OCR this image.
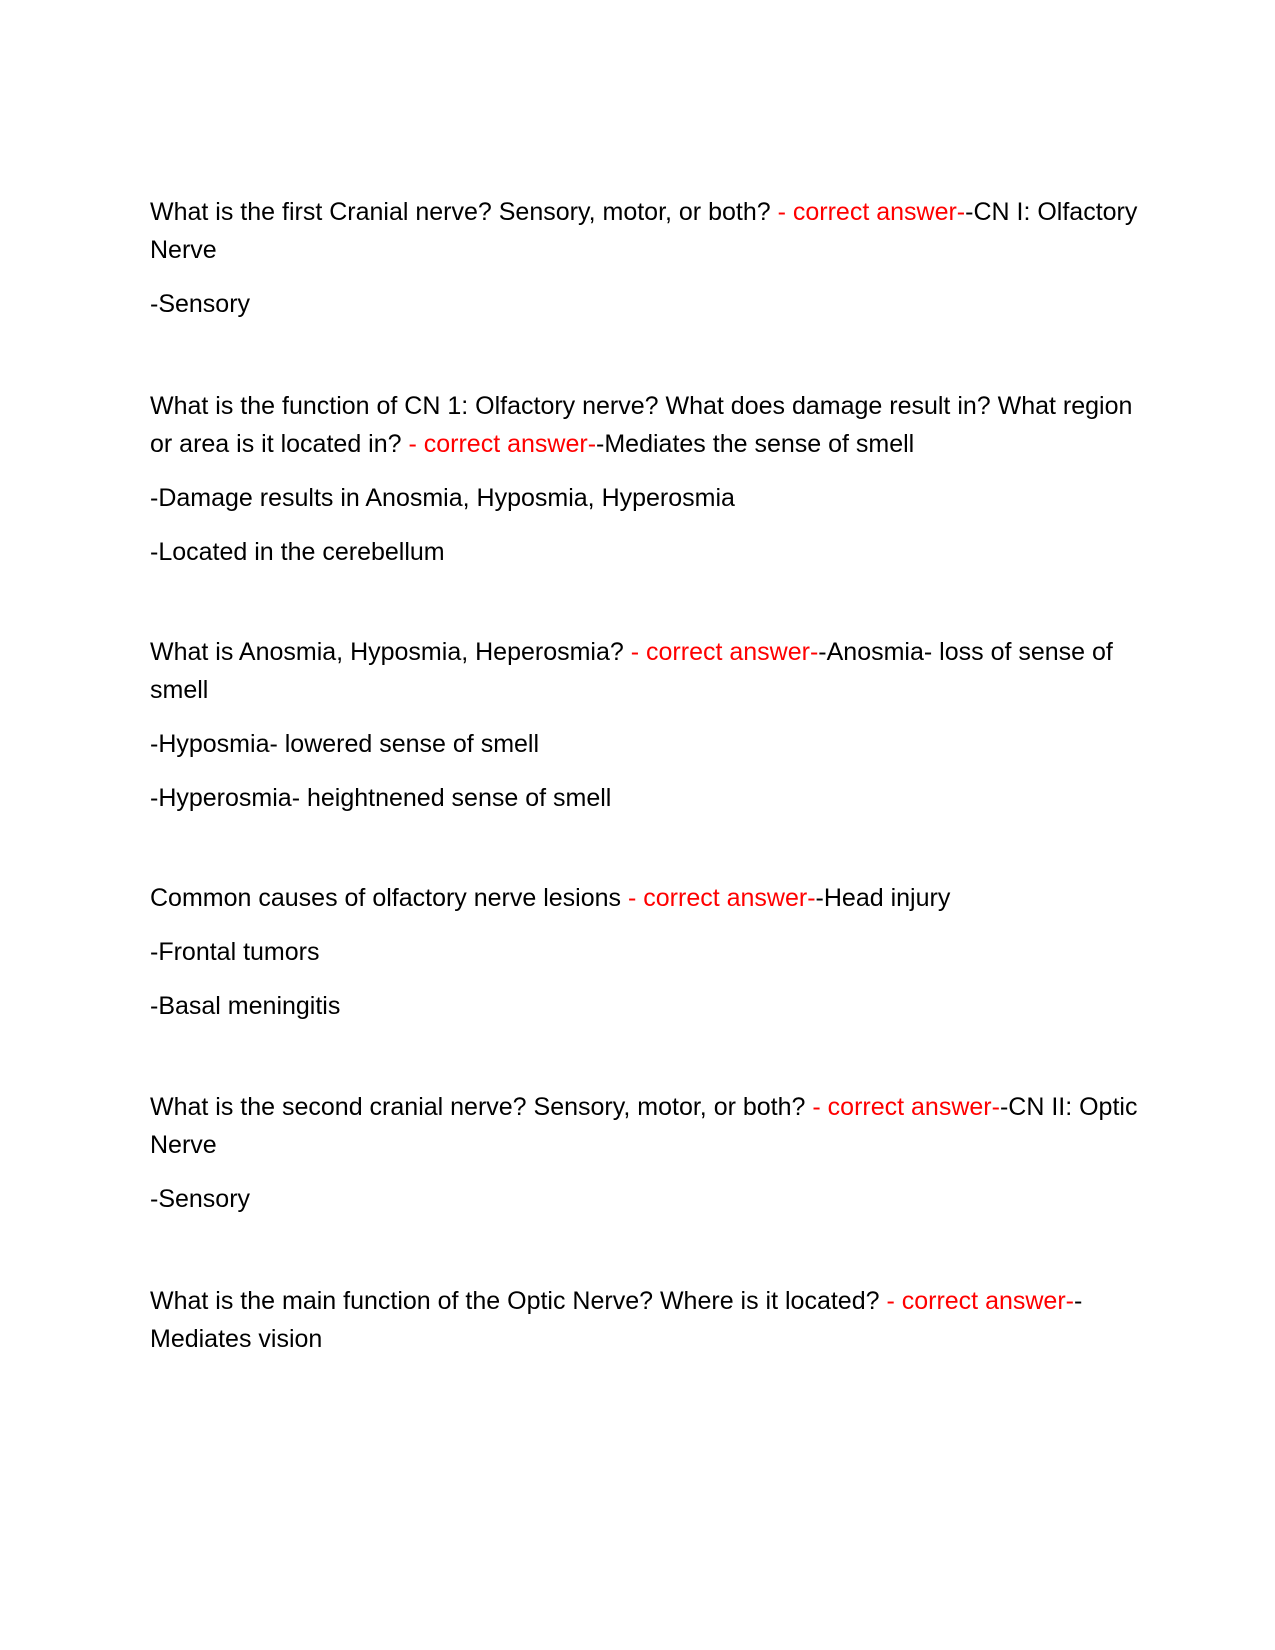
What is the first Cranial nerve? Sensory, motor, or both? - correct answer--CN I: Olfactory Nerve

-Sensory

What is the function of CN 1: Olfactory nerve? What does damage result in? What region or area is it located in? - correct answer--Mediates the sense of smell

-Damage results in Anosmia, Hyposmia, Hyperosmia

-Located in the cerebellum

What is Anosmia, Hyposmia, Heperosmia? - correct answer--Anosmia- loss of sense of smell

-Hyposmia- lowered sense of smell

-Hyperosmia- heightnened sense of smell

Common causes of olfactory nerve lesions - correct answer--Head injury

-Frontal tumors

-Basal meningitis

What is the second cranial nerve? Sensory, motor, or both? - correct answer--CN II: Optic Nerve

-Sensory

What is the main function of the Optic Nerve? Where is it located? - correct answer--Mediates vision
